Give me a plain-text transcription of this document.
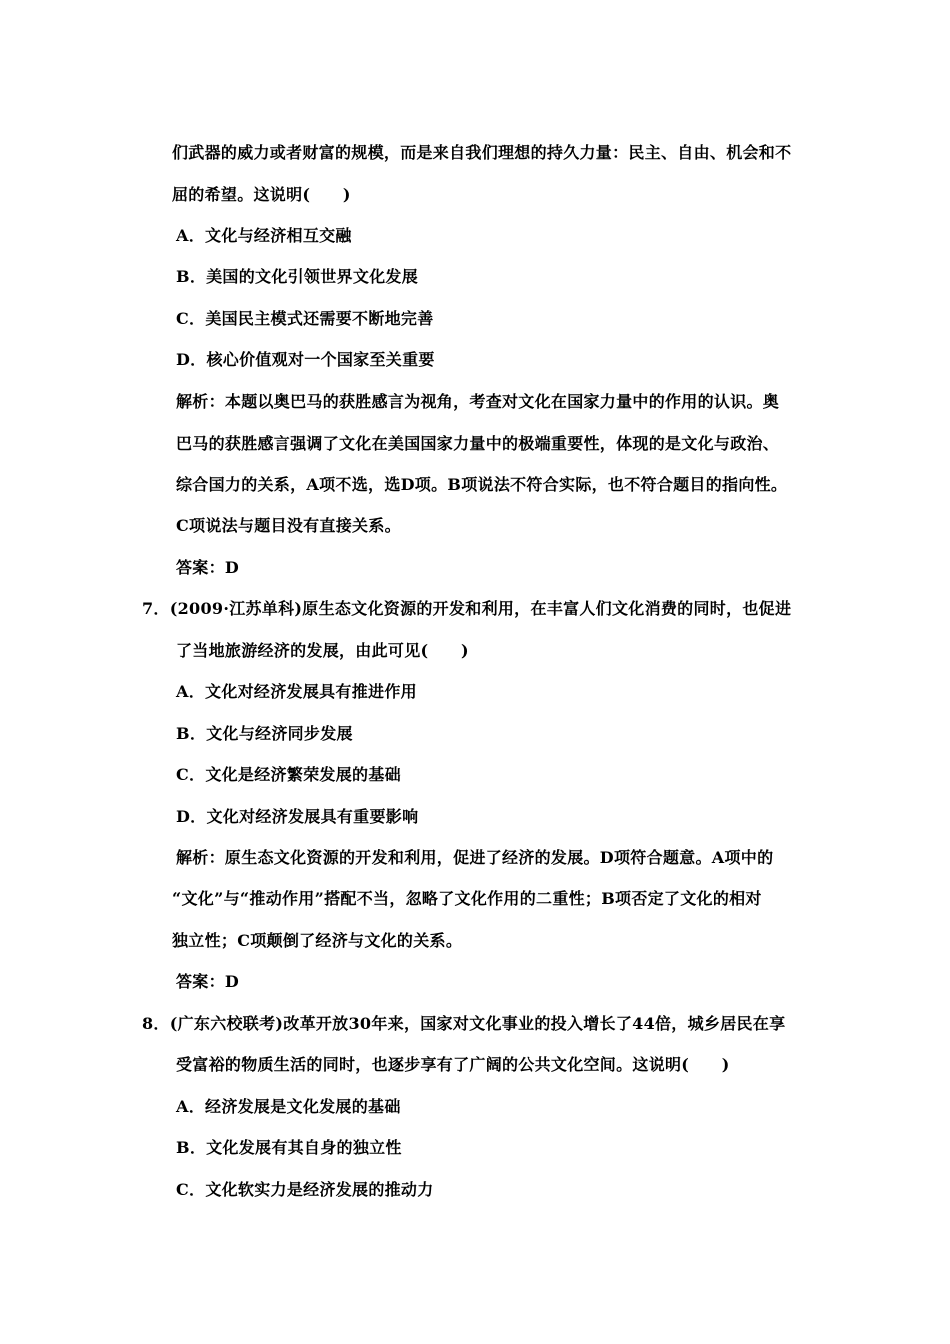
们武器的威力或者财富的规模，而是来自我们理想的持久力量：民主、自由、机会和不
屈的希望。这说明(　　)
A．文化与经济相互交融
B．美国的文化引领世界文化发展
C．美国民主模式还需要不断地完善
D．核心价值观对一个国家至关重要
解析：本题以奥巴马的获胜感言为视角，考查对文化在国家力量中的作用的认识。奥
巴马的获胜感言强调了文化在美国国家力量中的极端重要性，体现的是文化与政治、
综合国力的关系，A项不选，选D项。B项说法不符合实际，也不符合题目的指向性。
C项说法与题目没有直接关系。
答案：D
7．(2009·江苏单科)原生态文化资源的开发和利用，在丰富人们文化消费的同时，也促进
了当地旅游经济的发展，由此可见(　　)
A．文化对经济发展具有推进作用
B．文化与经济同步发展
C．文化是经济繁荣发展的基础
D．文化对经济发展具有重要影响
解析：原生态文化资源的开发和利用，促进了经济的发展。D项符合题意。A项中的
“文化”与“推动作用”搭配不当，忽略了文化作用的二重性；B项否定了文化的相对
独立性；C项颠倒了经济与文化的关系。
答案：D
8．(广东六校联考)改革开放30年来，国家对文化事业的投入增长了44倍，城乡居民在享
受富裕的物质生活的同时，也逐步享有了广阔的公共文化空间。这说明(　　)
A．经济发展是文化发展的基础
B．文化发展有其自身的独立性
C．文化软实力是经济发展的推动力
